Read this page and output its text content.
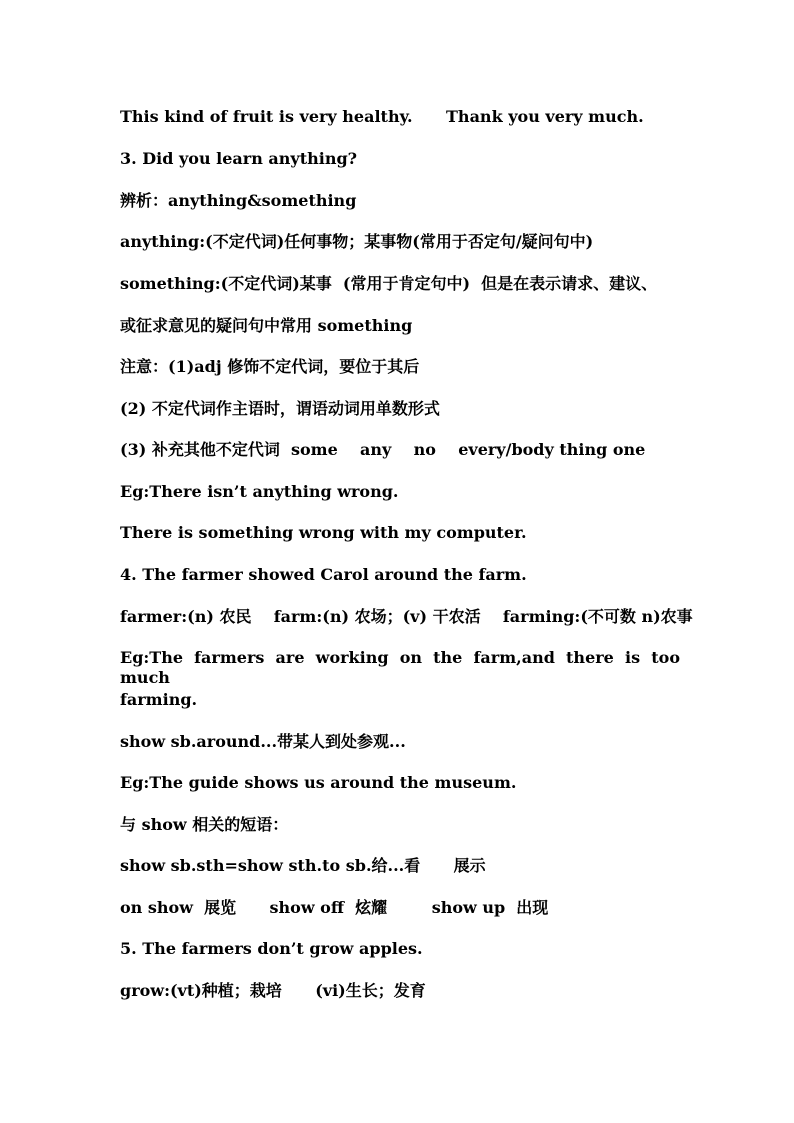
This kind of fruit is very healthy.      Thank you very much.
3. Did you learn anything?
辨析：anything&something
anything:(不定代词)任何事物；某事物(常用于否定句/疑问句中)
something:(不定代词)某事  (常用于肯定句中)  但是在表示请求、建议、
或征求意见的疑问句中常用 something
注意：(1)adj 修饰不定代词，要位于其后
(2) 不定代词作主语时，谓语动词用单数形式
(3) 补充其他不定代词  some    any    no    every/body thing one
Eg:There isn’t anything wrong.
There is something wrong with my computer.
4. The farmer showed Carol around the farm.
farmer:(n) 农民    farm:(n) 农场；(v) 干农活    farming:(不可数 n)农事
Eg:The farmers are working on the farm,and there is too much
farming.
show sb.around...带某人到处参观...
Eg:The guide shows us around the museum.
与 show 相关的短语：
show sb.sth=show sth.to sb.给...看      展示
on show  展览      show off  炫耀        show up  出现
5. The farmers don’t grow apples.
grow:(vt)种植；栽培      (vi)生长；发育
